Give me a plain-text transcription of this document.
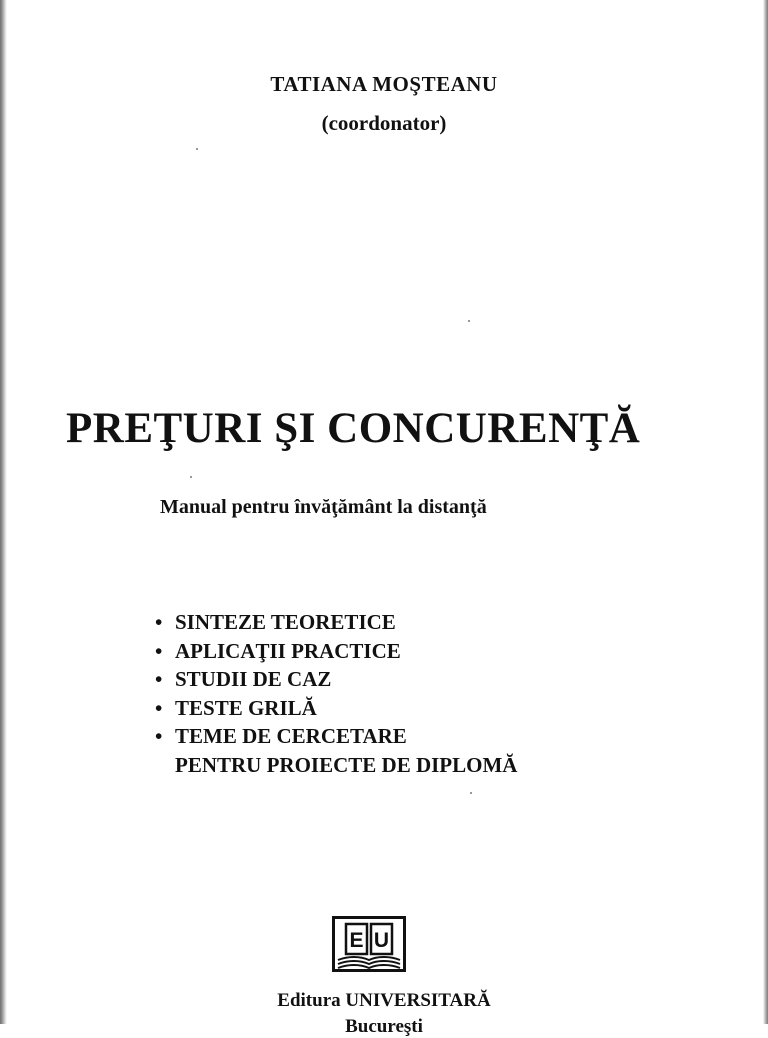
TATIANA MOŞTEANU
(coordonator)
PREŢURI ŞI CONCURENŢĂ
Manual pentru învăţământ la distanţă
• SINTEZE TEORETICE
• APLICAŢII PRACTICE
• STUDII DE CAZ
• TESTE GRILĂ
• TEME DE CERCETARE
PENTRU PROIECTE DE DIPLOMĂ
E U
Editura UNIVERSITARĂ
Bucureşti
